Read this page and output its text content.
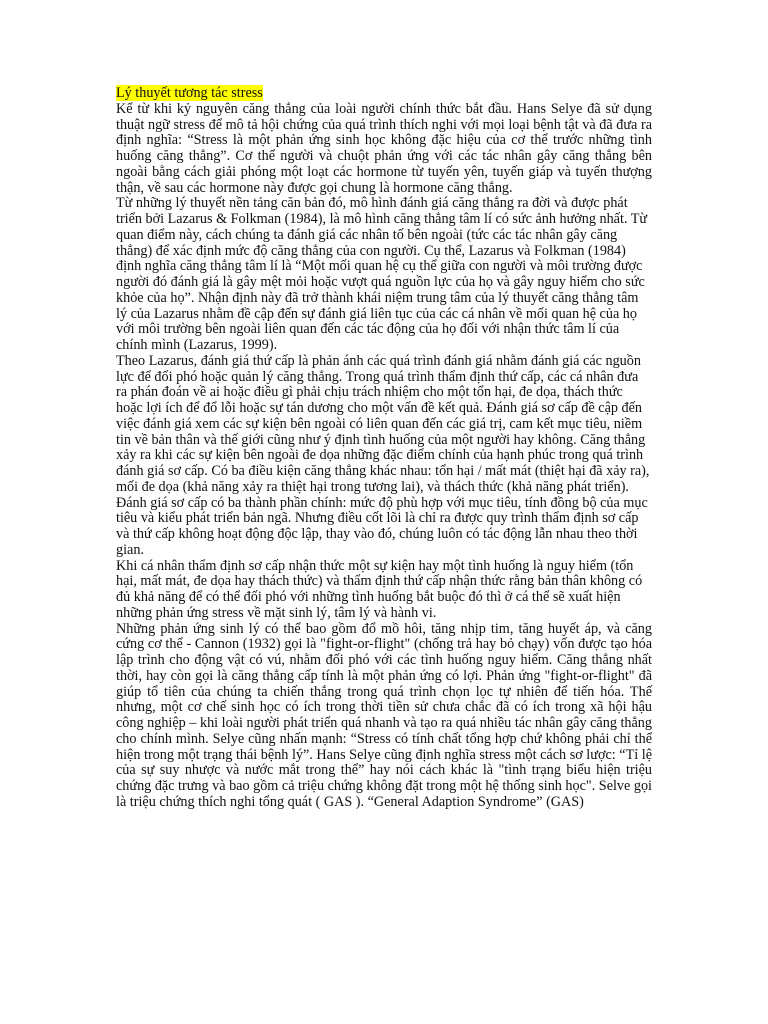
Lý thuyết tương tác stress

Kể từ khi kỷ nguyên căng thẳng của loài người chính thức bắt đầu. Hans Selye đã sử dụng thuật ngữ stress để mô tả hội chứng của quá trình thích nghi với mọi loại bệnh tật và đã đưa ra định nghĩa: “Stress là một phản ứng sinh học không đặc hiệu của cơ thể trước những tình huống căng thẳng”. Cơ thể người và chuột phản ứng với các tác nhân gây căng thẳng bên ngoài bằng cách giải phóng một loạt các hormone từ tuyến yên, tuyến giáp và tuyến thượng thận, về sau các hormone này được gọi chung là hormone căng thẳng.

Từ những lý thuyết nền tảng căn bản đó, mô hình đánh giá căng thẳng ra đời và được phát triển bởi Lazarus & Folkman (1984), là mô hình căng thẳng tâm lí có sức ảnh hưởng nhất. Từ quan điểm này, cách chúng ta đánh giá các nhân tố bên ngoài (tức các tác nhân gây căng thẳng) để xác định mức độ căng thẳng của con người. Cụ thể, Lazarus và Folkman (1984) định nghĩa căng thẳng tâm lí là “Một mối quan hệ cụ thể giữa con người và môi trường được người đó đánh giá là gây mệt mỏi hoặc vượt quá nguồn lực của họ và gây nguy hiểm cho sức khỏe của họ”. Nhận định này đã trở thành khái niệm trung tâm của lý thuyết căng thẳng tâm lý của Lazarus nhằm đề cập đến sự đánh giá liên tục của các cá nhân về mối quan hệ của họ với môi trường bên ngoài liên quan đến các tác động của họ đối với nhận thức tâm lí của chính mình (Lazarus, 1999).

Theo Lazarus, đánh giá thứ cấp là phản ánh các quá trình đánh giá nhằm đánh giá các nguồn lực để đối phó hoặc quản lý căng thẳng. Trong quá trình thẩm định thứ cấp, các cá nhân đưa ra phán đoán về ai hoặc điều gì phải chịu trách nhiệm cho một tổn hại, đe dọa, thách thức hoặc lợi ích để đổ lỗi hoặc sự tán dương cho một vấn đề kết quả. Đánh giá sơ cấp đề cập đến việc đánh giá xem các sự kiện bên ngoài có liên quan đến các giá trị, cam kết mục tiêu, niềm tin về bản thân và thế giới cũng như ý định tình huống của một người hay không. Căng thẳng xảy ra khi các sự kiện bên ngoài đe dọa những đặc điểm chính của hạnh phúc trong quá trình đánh giá sơ cấp. Có ba điều kiện căng thẳng khác nhau: tổn hại / mất mát (thiệt hại đã xảy ra), mối đe dọa (khả năng xảy ra thiệt hại trong tương lai), và thách thức (khả năng phát triển). Đánh giá sơ cấp có ba thành phần chính: mức độ phù hợp với mục tiêu, tính đồng bộ của mục tiêu và kiểu phát triển bản ngã. Nhưng điều cốt lõi là chỉ ra được quy trình thẩm định sơ cấp và thứ cấp không hoạt động độc lập, thay vào đó, chúng luôn có tác động lẫn nhau theo thời gian.

Khi cá nhân thẩm định sơ cấp nhận thức một sự kiện hay một tình huống là nguy hiểm (tổn hại, mất mát, đe dọa hay thách thức) và thẩm định thứ cấp nhận thức rằng bản thân không có đủ khả năng để có thể đối phó với những tình huống bắt buộc đó thì ở cá thể sẽ xuất hiện những phản ứng stress về mặt sinh lý, tâm lý và hành vi.

Những phản ứng sinh lý có thể bao gồm đổ mồ hôi, tăng nhịp tim, tăng huyết áp, và căng cứng cơ thể - Cannon (1932) gọi là "fight-or-flight" (chống trả hay bỏ chạy) vốn được tạo hóa lập trình cho động vật có vú, nhằm đối phó với các tình huống nguy hiểm. Căng thẳng nhất thời, hay còn gọi là căng thẳng cấp tính là một phản ứng có lợi. Phản ứng "fight-or-flight" đã giúp tổ tiên của chúng ta chiến thắng trong quá trình chọn lọc tự nhiên để tiến hóa. Thế nhưng, một cơ chế sinh học có ích trong thời tiền sử chưa chắc đã có ích trong xã hội hậu công nghiệp – khi loài người phát triển quá nhanh và tạo ra quá nhiều tác nhân gây căng thẳng cho chính mình. Selye cũng nhấn mạnh: “Stress có tính chất tổng hợp chứ không phải chỉ thể hiện trong một trạng thái bệnh lý”. Hans Selye cũng định nghĩa stress một cách sơ lược: “Tỉ lệ của sự suy nhược và nước mắt trong thể” hay nói cách khác là "tình trạng biểu hiện triệu chứng đặc trưng và bao gồm cả triệu chứng không đặt trong một hệ thống sinh học". Selve gọi là triệu chứng thích nghi tổng quát ( GAS ). “General Adaption Syndrome” (GAS)
